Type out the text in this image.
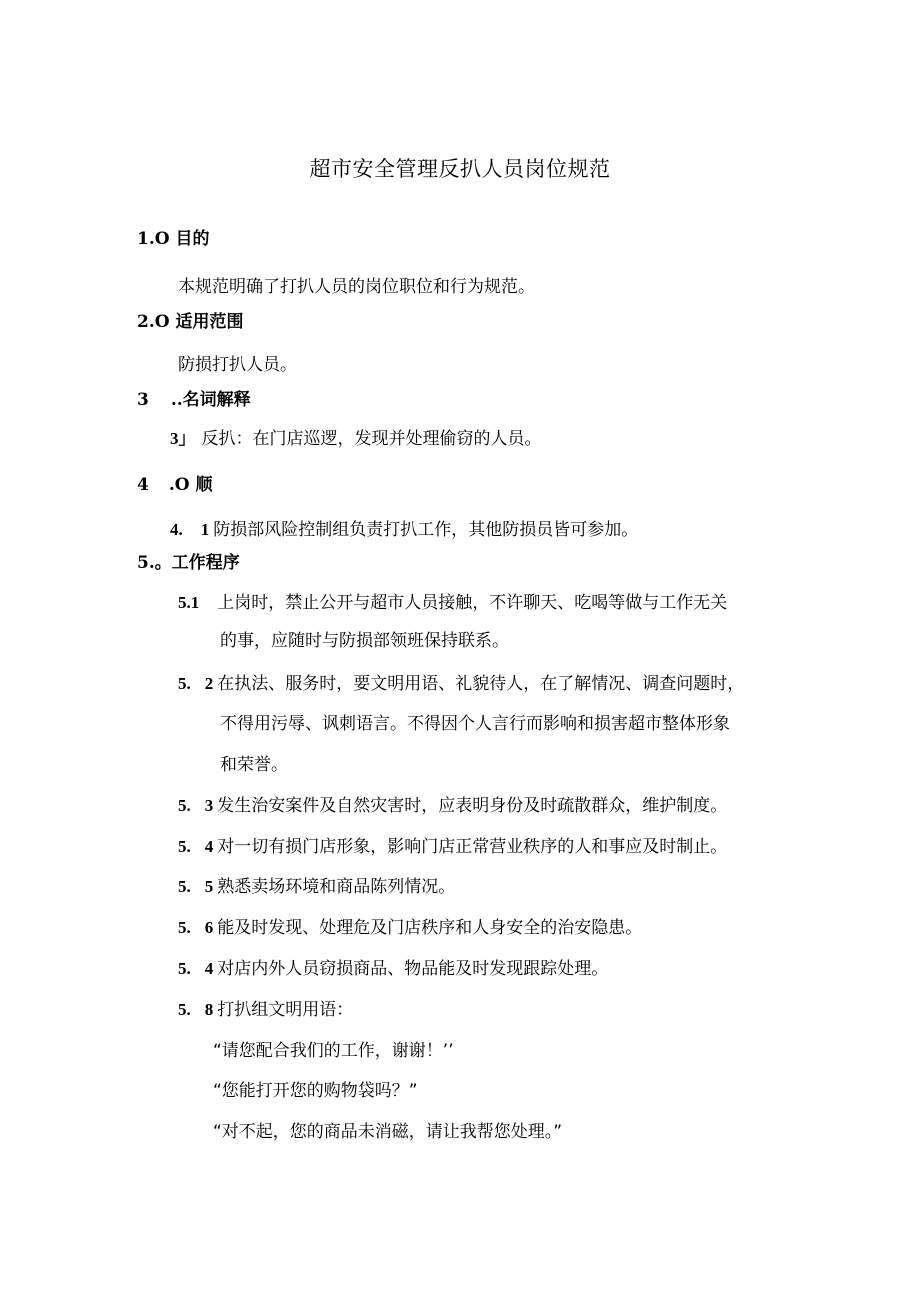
超市安全管理反扒人员岗位规范
1.O 目的
本规范明确了打扒人员的岗位职位和行为规范。
2.O 适用范围
防损打扒人员。
3 ..名词解释
3」 反扒：在门店巡逻，发现并处理偷窃的人员。
4 .O 顺
4. 1 防损部风险控制组负责打扒工作，其他防损员皆可参加。
5.。工作程序
5.1 上岗时，禁止公开与超市人员接触，不许聊天、吃喝等做与工作无关
的事，应随时与防损部领班保持联系。
5. 2 在执法、服务时，要文明用语、礼貌待人，在了解情况、调查问题时，
不得用污辱、讽刺语言。不得因个人言行而影响和损害超市整体形象
和荣誉。
5. 3 发生治安案件及自然灾害时，应表明身份及时疏散群众，维护制度。
5. 4 对一切有损门店形象，影响门店正常营业秩序的人和事应及时制止。
5. 5 熟悉卖场环境和商品陈列情况。
5. 6 能及时发现、处理危及门店秩序和人身安全的治安隐患。
5. 4 对店内外人员窃损商品、物品能及时发现跟踪处理。
5. 8 打扒组文明用语：
“请您配合我们的工作，谢谢！’’
“您能打开您的购物袋吗？”
“对不起，您的商品未消磁，请让我帮您处理。”
